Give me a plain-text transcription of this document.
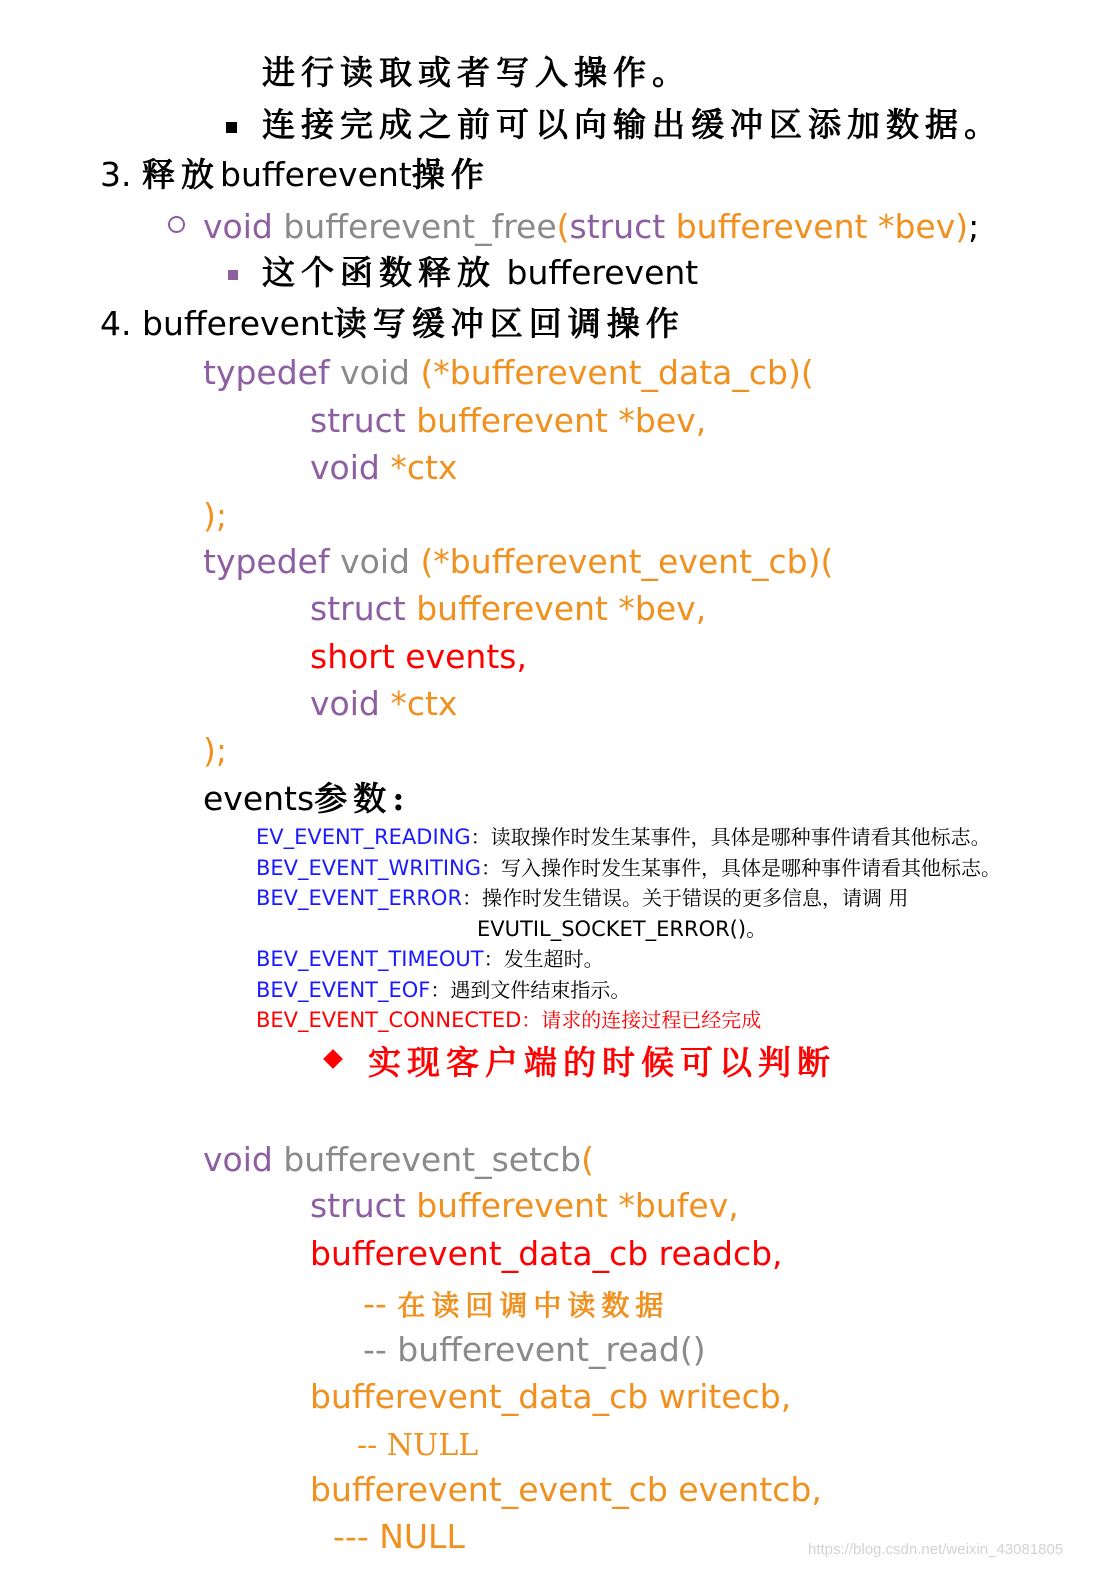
进行读取或者写入操作。
连接完成之前可以向输出缓冲区添加数据。
3. 释放bufferevent操作
void bufferevent_free(struct bufferevent *bev);
这个函数释放 bufferevent
4. bufferevent读写缓冲区回调操作
typedef void (*bufferevent_data_cb)(
struct bufferevent *bev,
void *ctx
);
typedef void (*bufferevent_event_cb)(
struct bufferevent *bev,
short events,
void *ctx
);
events参数:
EV_EVENT_READING：读取操作时发生某事件，具体是哪种事件请看其他标志。
BEV_EVENT_WRITING：写入操作时发生某事件，具体是哪种事件请看其他标志。
BEV_EVENT_ERROR：操作时发生错误。关于错误的更多信息，请调 用
EVUTIL_SOCKET_ERROR()。
BEV_EVENT_TIMEOUT：发生超时。
BEV_EVENT_EOF：遇到文件结束指示。
BEV_EVENT_CONNECTED：请求的连接过程已经完成
实现客户端的时候可以判断
void bufferevent_setcb(
struct bufferevent *bufev,
bufferevent_data_cb readcb,
-- 在读回调中读数据
-- bufferevent_read()
bufferevent_data_cb writecb,
-- NULL
bufferevent_event_cb eventcb,
--- NULL	https://blog.csdn.net/weixin_43081805
